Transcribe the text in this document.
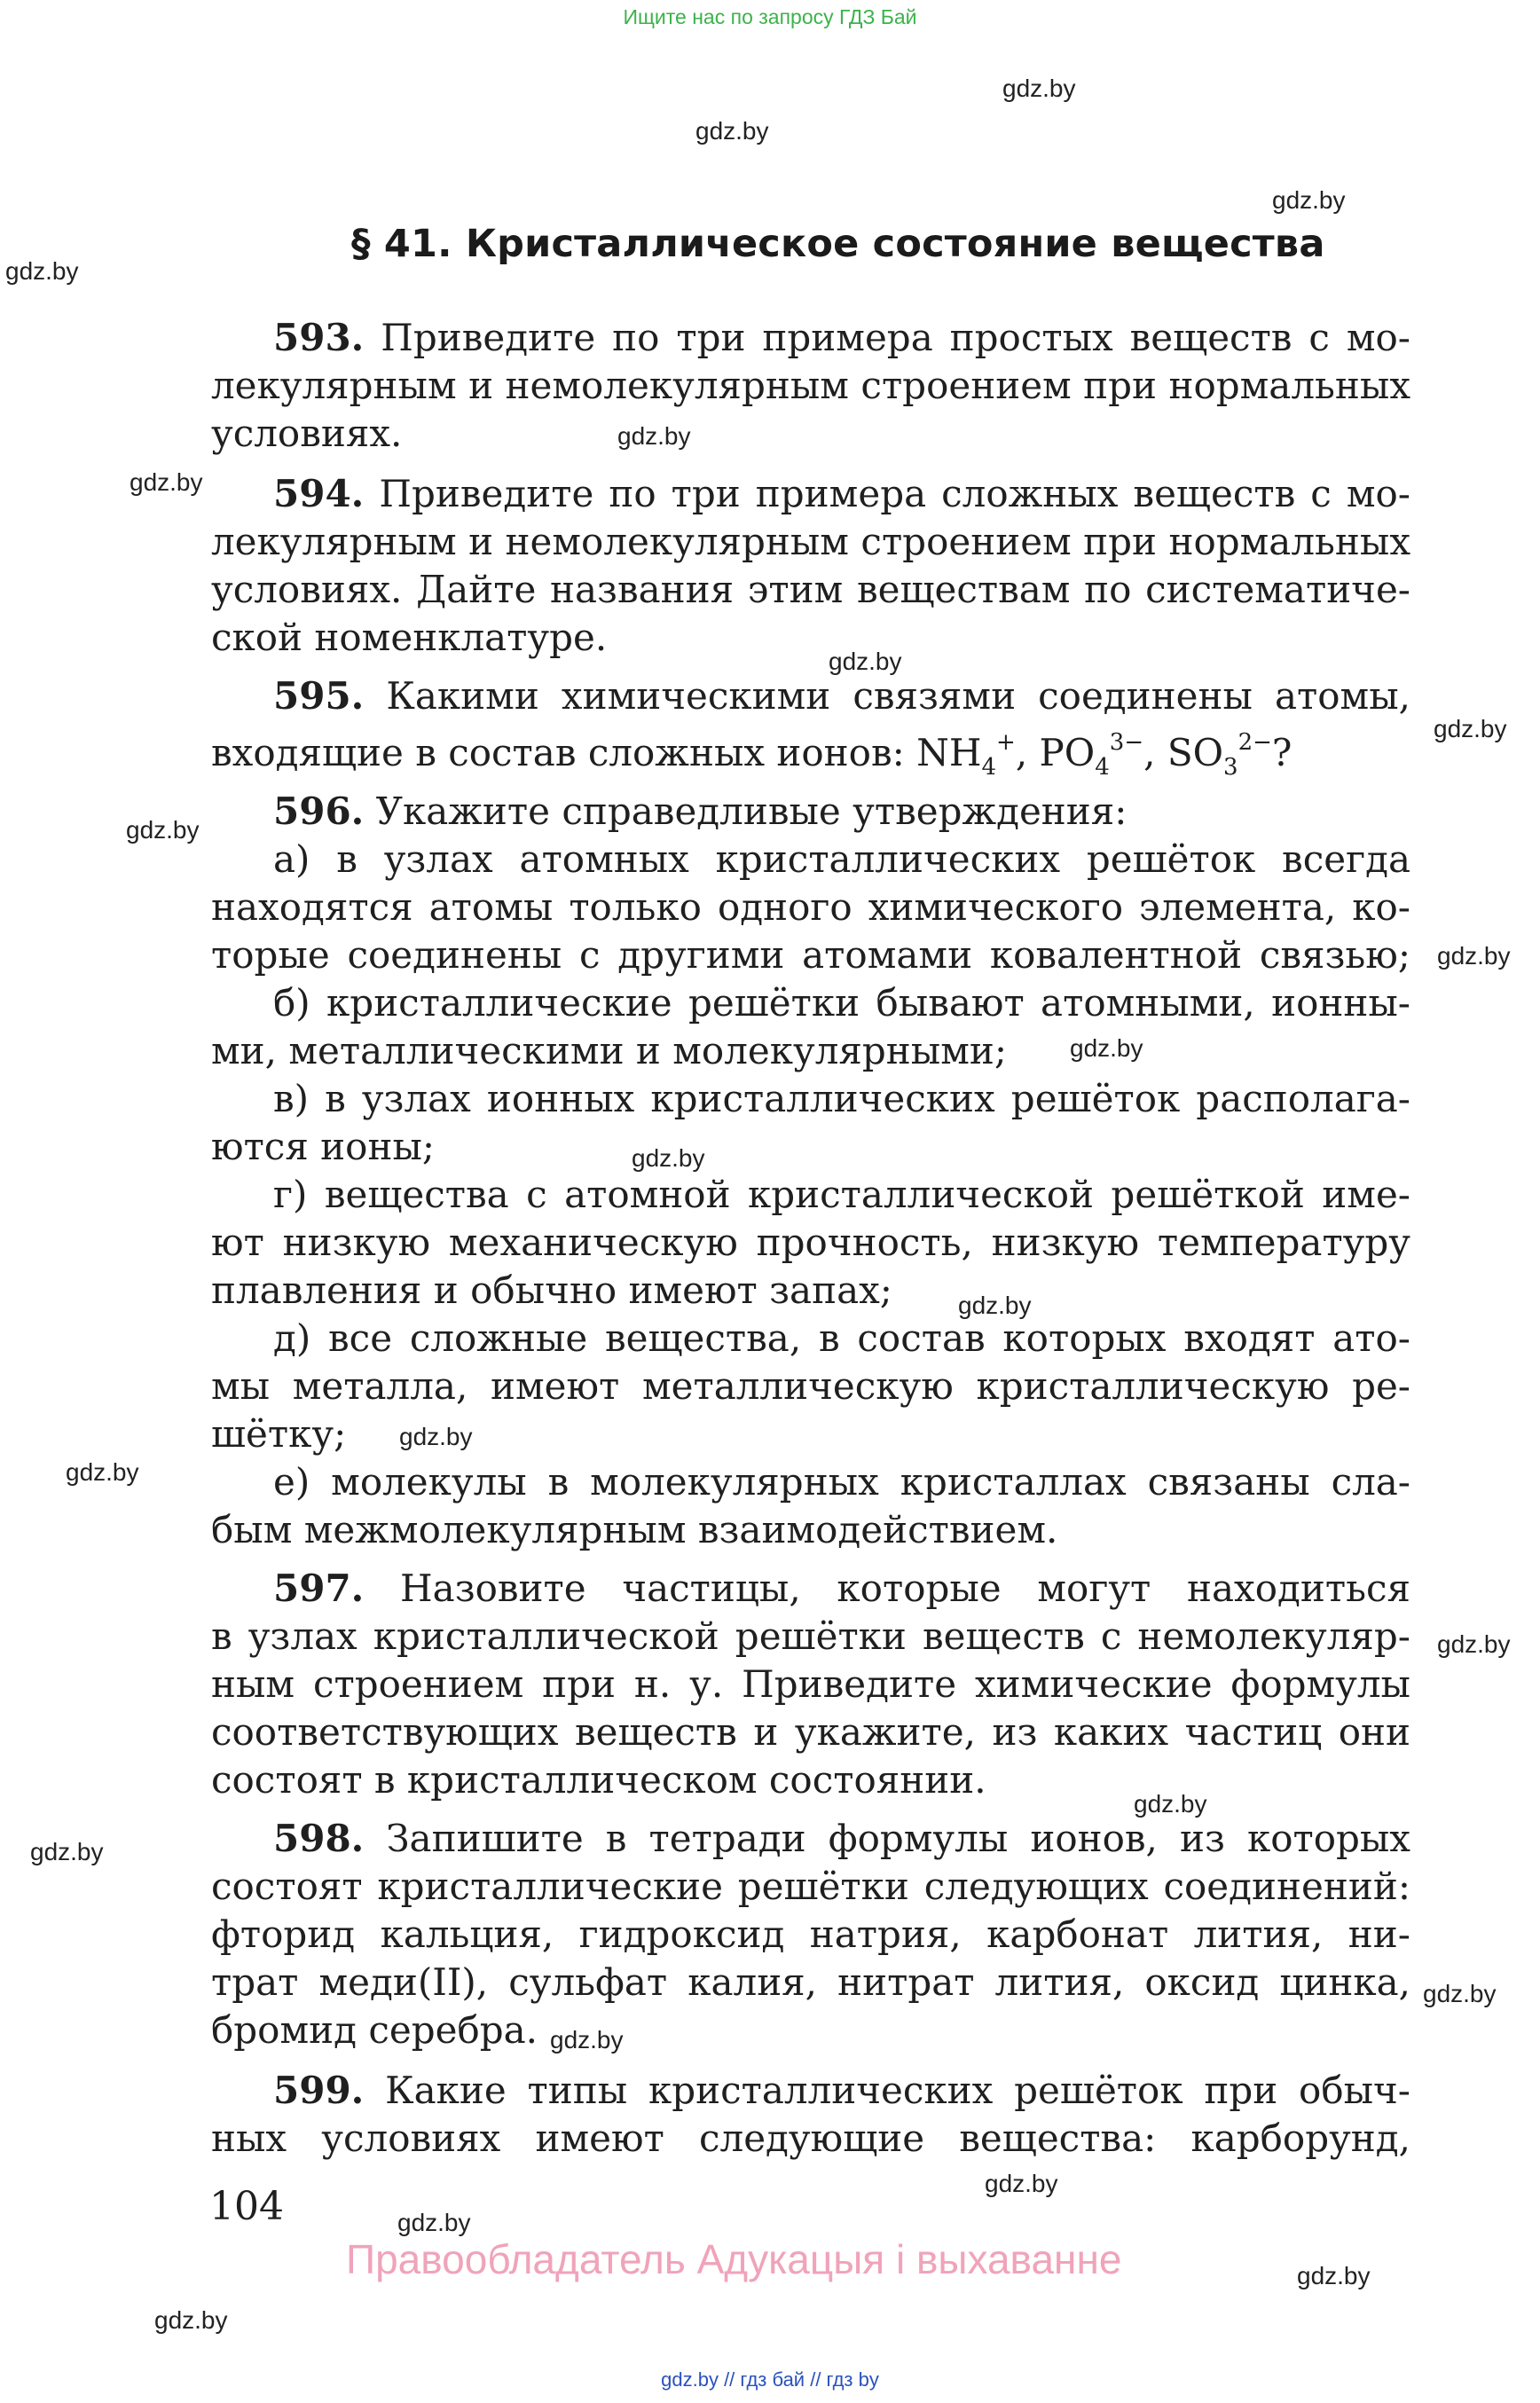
Ищите нас по запросу ГДЗ Бай
gdz.by
gdz.by
gdz.by
gdz.by
gdz.by
gdz.by
gdz.by
gdz.by
gdz.by
gdz.by
gdz.by
gdz.by
gdz.by
gdz.by
gdz.by
gdz.by
gdz.by
gdz.by
gdz.by
gdz.by
gdz.by
gdz.by
gdz.by
gdz.by
§ 41. Кристаллическое состояние вещества
593. Приведите по три примера простых веществ с мо-
лекулярным и немолекулярным строением при нормальных
условиях.
594. Приведите по три примера сложных веществ с мо-
лекулярным и немолекулярным строением при нормальных
условиях. Дайте названия этим веществам по систематиче-
ской номенклатуре.
595. Какими химическими связями соединены атомы,
входящие в состав сложных ионов: $NH_4^+$, $PO_4^{3-}$, $SO_3^{2-}$?
596. Укажите справедливые утверждения:
а) в узлах атомных кристаллических решёток всегда
находятся атомы только одного химического элемента, ко-
торые соединены с другими атомами ковалентной связью;
б) кристаллические решётки бывают атомными, ионны-
ми, металлическими и молекулярными;
в) в узлах ионных кристаллических решёток располага-
ются ионы;
г) вещества с атомной кристаллической решёткой име-
ют низкую механическую прочность, низкую температуру
плавления и обычно имеют запах;
д) все сложные вещества, в состав которых входят ато-
мы металла, имеют металлическую кристаллическую ре-
шётку;
е) молекулы в молекулярных кристаллах связаны сла-
бым межмолекулярным взаимодействием.
597. Назовите частицы, которые могут находиться
в узлах кристаллической решётки веществ с немолекуляр-
ным строением при н. у. Приведите химические формулы
соответствующих веществ и укажите, из каких частиц они
состоят в кристаллическом состоянии.
598. Запишите в тетради формулы ионов, из которых
состоят кристаллические решётки следующих соединений:
фторид кальция, гидроксид натрия, карбонат лития, ни-
трат меди(II), сульфат калия, нитрат лития, оксид цинка,
бромид серебра.
599. Какие типы кристаллических решёток при обыч-
ных условиях имеют следующие вещества: карборунд,
104
Правообладатель Адукацыя і выхаванне
gdz.by // гдз бай // гдз by
